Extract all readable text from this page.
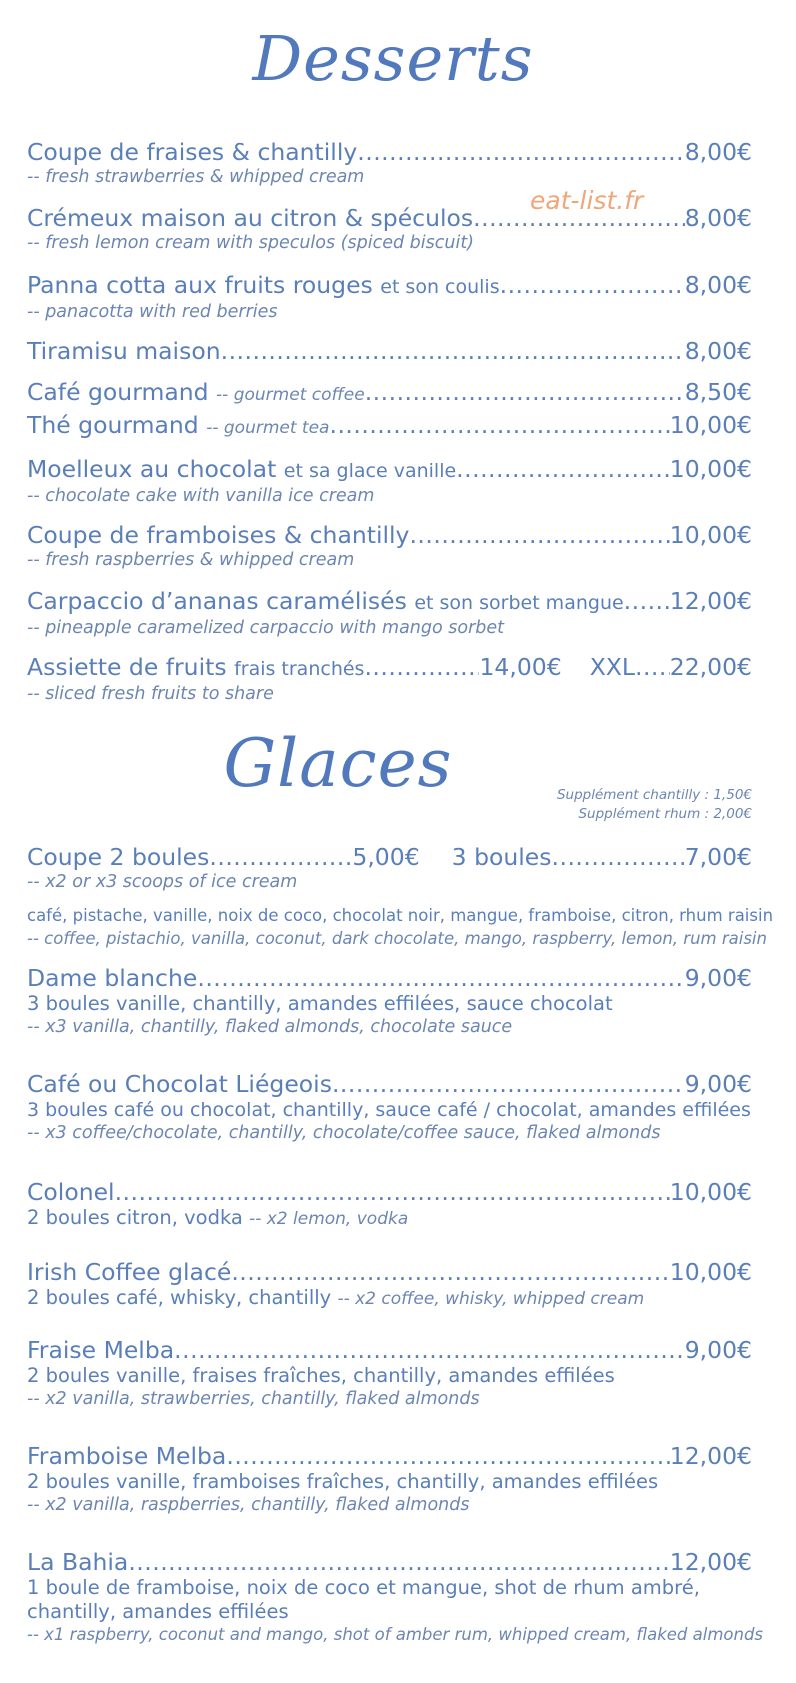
Desserts
eat-list.fr
Coupe de fraises & chantilly .....	8,00€
-- fresh strawberries & whipped cream
Crémeux maison au citron & spéculos .....	8,00€
-- fresh lemon cream with speculos (spiced biscuit)
Panna cotta aux fruits rouges
et son coulis .....	8,00€
-- panacotta with red berries
Tiramisu maison .....	8,00€
Café gourmand
-- gourmet coffee .....	8,50€
Thé gourmand
-- gourmet tea .....	10,00€
Moelleux au chocolat
et sa glace vanille .....	10,00€
-- chocolate cake with vanilla ice cream
Coupe de framboises & chantilly .....	10,00€
-- fresh raspberries & whipped cream
Carpaccio d’ananas caramélisés
et son sorbet mangue ..... 12,00€
-- pineapple caramelized carpaccio with mango sorbet
Assiette de fruits
frais tranchés .....	14,00€ XXL ..... 22,00€
-- sliced fresh fruits to share
Glaces	Supplément chantilly : 1,50€
Supplément rhum : 2,00€
Coupe 2 boules .....	5,00€ 3 boules .....	7,00€
-- x2 or x3 scoops of ice cream
café, pistache, vanille, noix de coco, chocolat noir, mangue, framboise, citron, rhum raisin
-- coffee, pistachio, vanilla, coconut, dark chocolate, mango, raspberry, lemon, rum raisin
Dame blanche .....	9,00€
3 boules vanille, chantilly, amandes effilées, sauce chocolat
-- x3 vanilla, chantilly, flaked almonds, chocolate sauce
Café ou Chocolat Liégeois .....	9,00€
3 boules café ou chocolat, chantilly, sauce café / chocolat, amandes effilées
-- x3 coffee/chocolate, chantilly, chocolate/coffee sauce, flaked almonds
Colonel .....	10,00€
2 boules citron, vodka -- x2 lemon, vodka
Irish Coffee glacé .....	10,00€
2 boules café, whisky, chantilly -- x2 coffee, whisky, whipped cream
Fraise Melba .....	9,00€
2 boules vanille, fraises fraîches, chantilly, amandes effilées
-- x2 vanilla, strawberries, chantilly, flaked almonds
Framboise Melba .....	12,00€
2 boules vanille, framboises fraîches, chantilly, amandes effilées
-- x2 vanilla, raspberries, chantilly, flaked almonds
La Bahia .....	12,00€
1 boule de framboise, noix de coco et mangue, shot de rhum ambré,
chantilly, amandes effilées
-- x1 raspberry, coconut and mango, shot of amber rum, whipped cream, flaked almonds
